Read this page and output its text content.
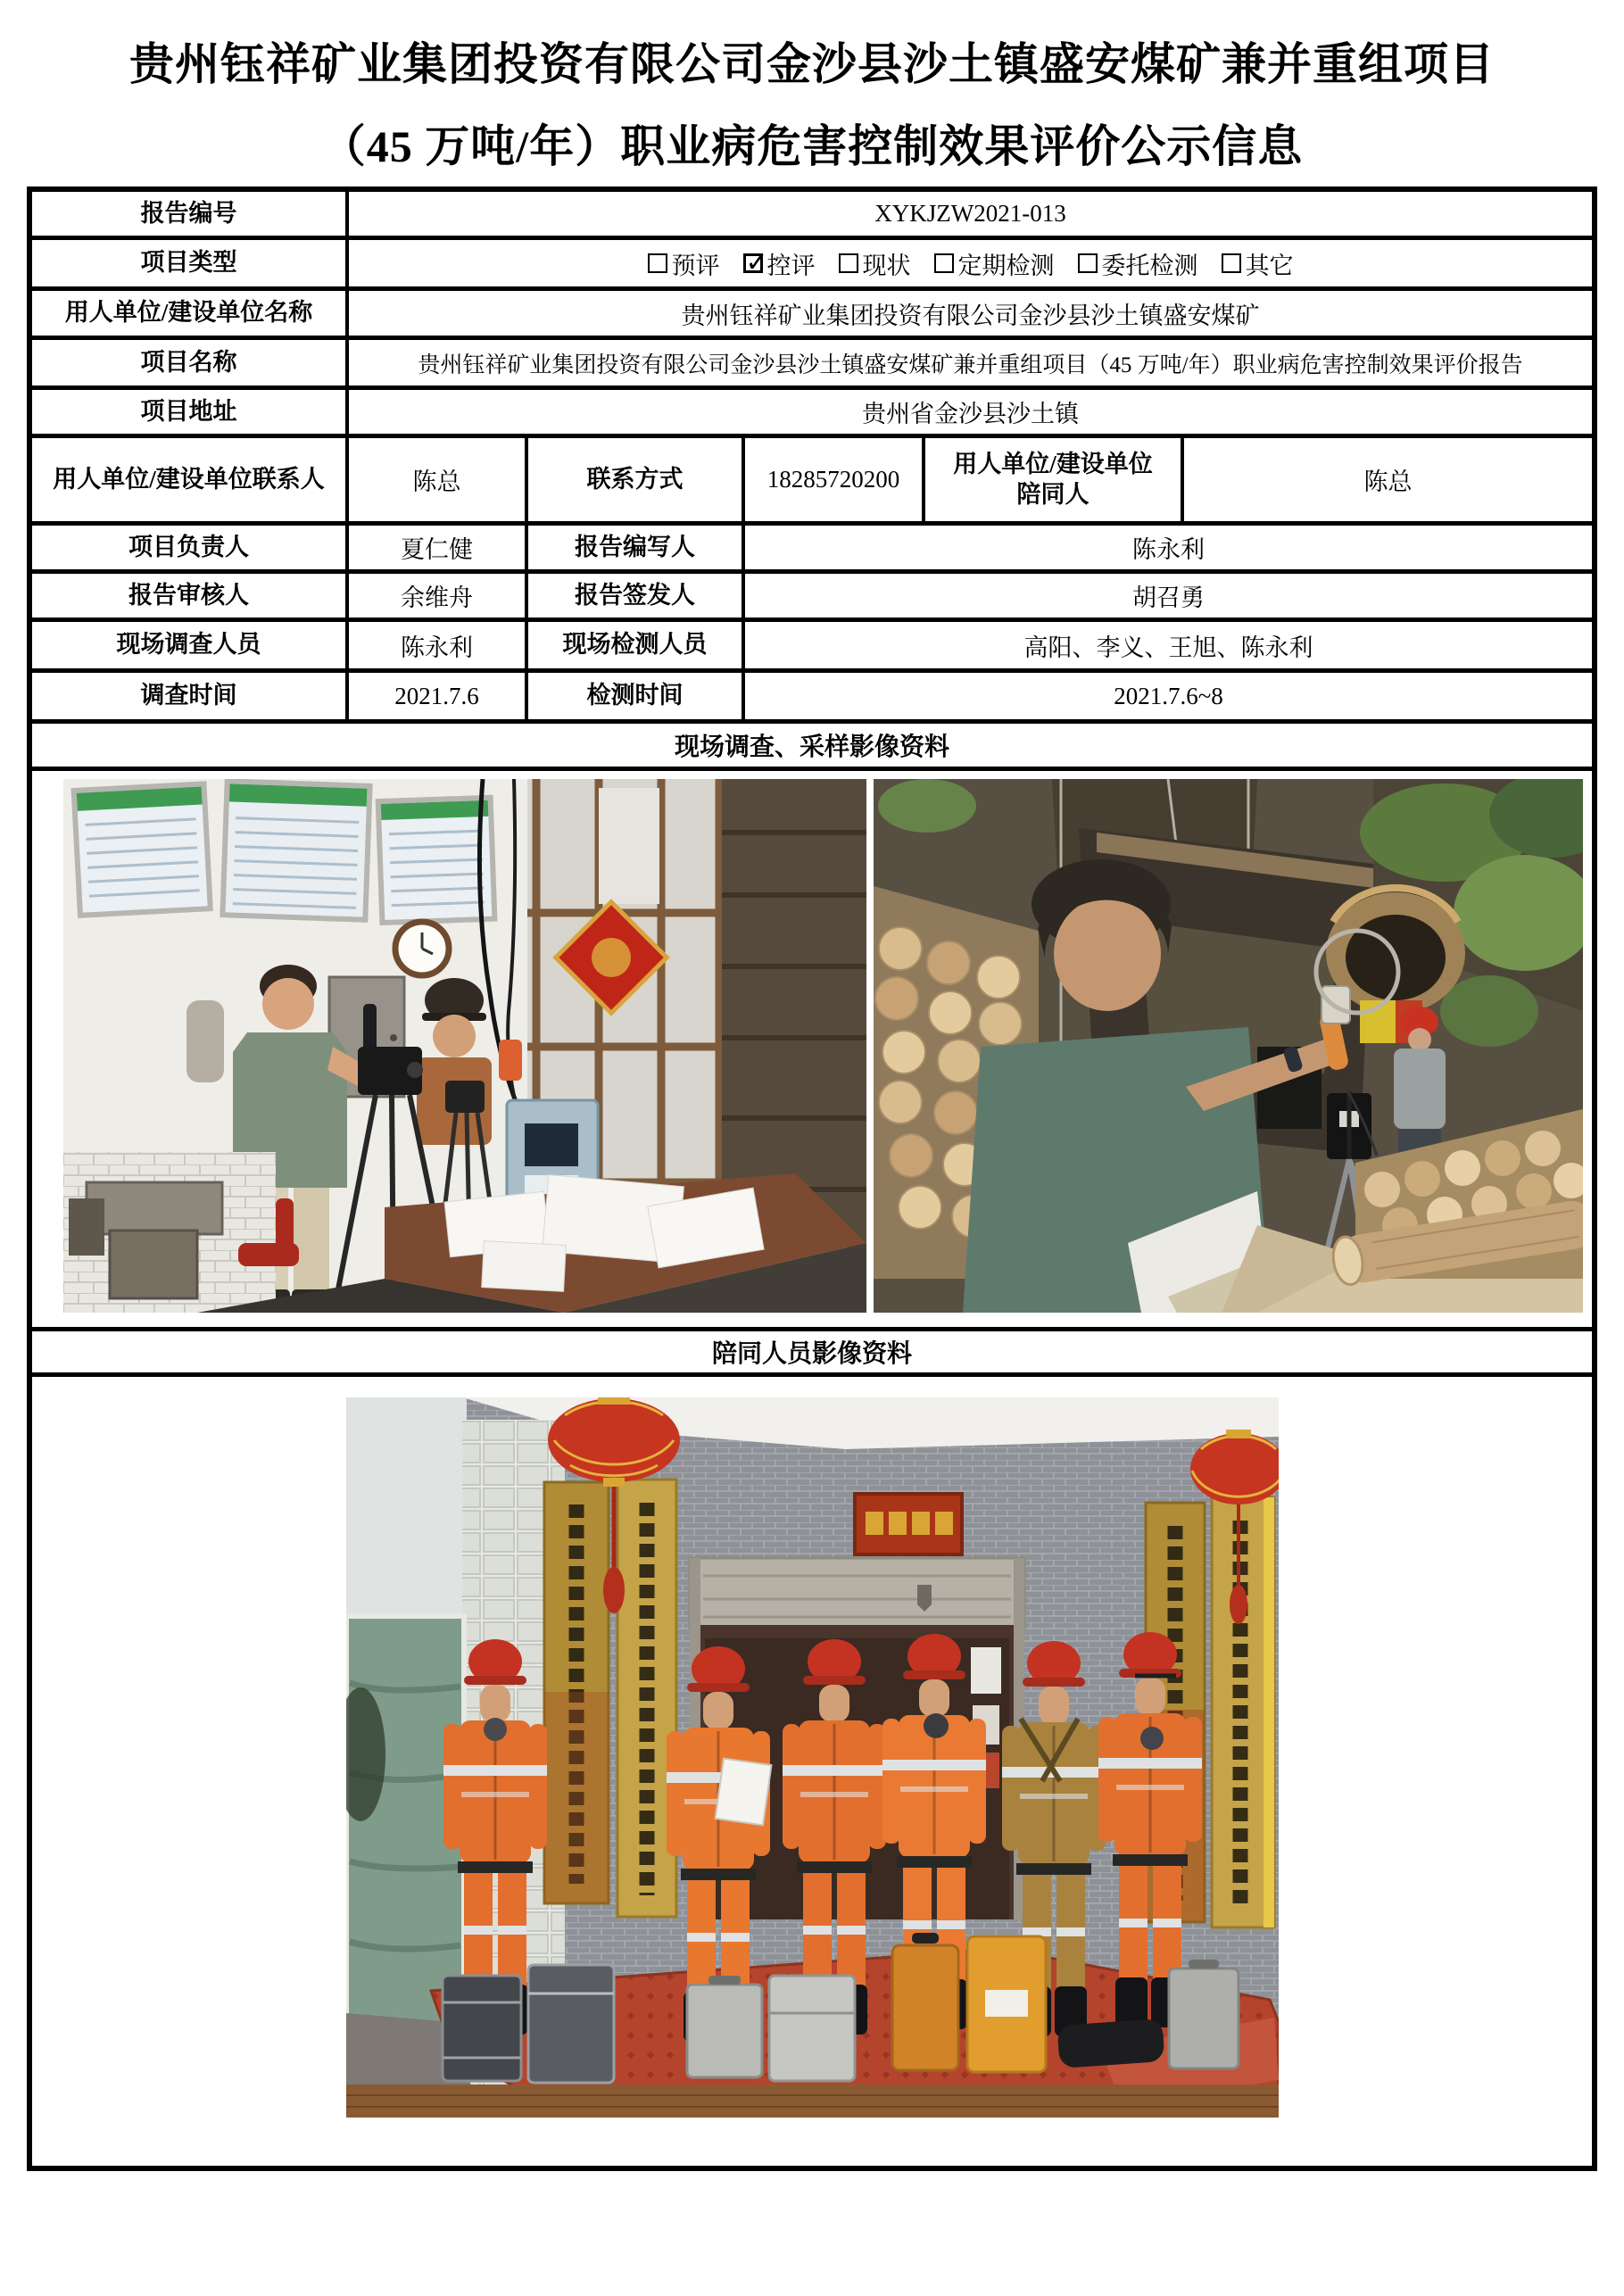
贵州钰祥矿业集团投资有限公司金沙县沙土镇盛安煤矿兼并重组项目
（45 万吨/年）职业病危害控制效果评价公示信息
报告编号	XYKJZW2021-013
项目类型	预评 ✓ 控评 现状 定期检测 委托检测 其它
用人单位/建设单位名称	贵州钰祥矿业集团投资有限公司金沙县沙土镇盛安煤矿
项目名称	贵州钰祥矿业集团投资有限公司金沙县沙土镇盛安煤矿兼并重组项目（45 万吨/年）职业病危害控制效果评价报告
项目地址	贵州省金沙县沙土镇
用人单位/建设单位联系人	陈总	联系方式	18285720200
用人单位/建设单位
陪同人	陈总
项目负责人	夏仁健	报告编写人	陈永利
报告审核人	余维舟	报告签发人	胡召勇
现场调查人员	陈永利	现场检测人员	高阳、李义、王旭、陈永利
调查时间	2021.7.6	检测时间	2021.7.6~8
现场调查、采样影像资料
陪同人员影像资料
